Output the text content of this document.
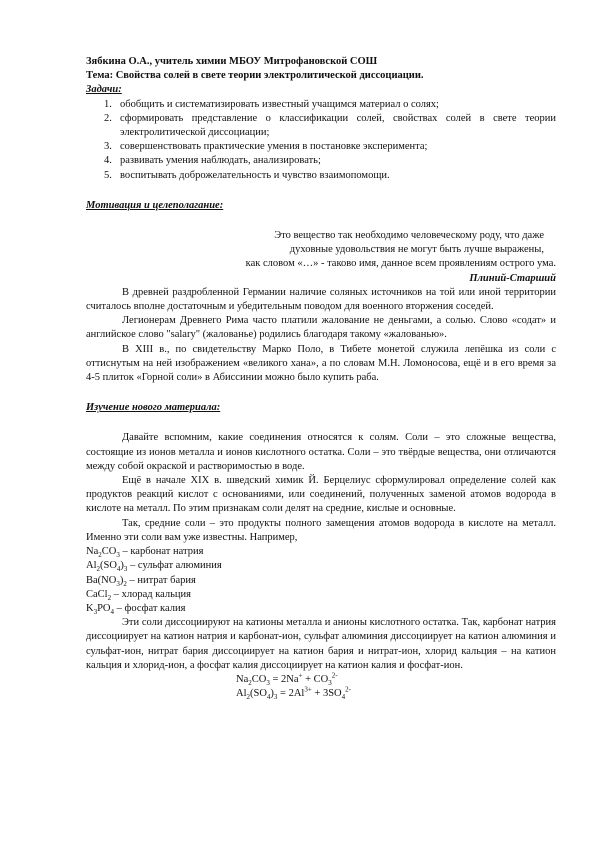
Зябкина О.А., учитель химии МБОУ Митрофановской СОШ
Тема: Свойства солей в свете теории электролитической диссоциации.
Задачи:
1. обобщить и систематизировать известный учащимся материал о солях;
2. сформировать представление о классификации солей, свойствах солей в свете теории электролитической диссоциации;
3. совершенствовать практические умения в постановке эксперимента;
4. развивать умения наблюдать, анализировать;
5. воспитывать доброжелательность и чувство взаимопомощи.
Мотивация и целеполагание:
Это вещество так необходимо человеческому роду, что даже
духовные удовольствия не могут быть лучше выражены,
как словом «…» - таково имя, данное всем проявлениям острого ума.
Плиний-Старший

В древней раздробленной Германии наличие соляных источников на той или иной территории считалось вполне достаточным и убедительным поводом для военного вторжения соседей.

Легионерам Древнего Рима часто платили жалование не деньгами, а солью. Слово «содат» и английское слово "salary" (жалованье) родились благодаря такому «жалованью».

В XIII в., по свидетельству Марко Поло, в Тибете монетой служила лепёшка из соли с оттиснутым на ней изображением «великого хана», а по словам М.Н. Ломоносова, ещё и в его время за 4-5 плиток «Горной соли» в Абиссинии можно было купить раба.

Изучение нового материала:

Давайте вспомним, какие соединения относятся к солям. Соли – это сложные вещества, состоящие из ионов металла и ионов кислотного остатка. Соли – это твёрдые вещества, они отличаются между собой окраской и растворимостью в воде.

Ещё в начале XIX в. шведский химик Й. Берцелиус сформулировал определение солей как продуктов реакций кислот с основаниями, или соединений, полученных заменой атомов водорода в кислоте на металл. По этим признакам соли делят на средние, кислые и основные.

Так, средние соли – это продукты полного замещения атомов водорода в кислоте на металл. Именно эти соли вам уже известны. Например,

$Na_2CO_3$ – карбонат натрия
$Al_2(SO_4)_3$ – сульфат алюминия
$Ba(NO_3)_2$ – нитрат бария
CaCl$_2$ – хлорад кальция
$K_3PO_4$ – фосфат калия

Эти соли диссоциируют на катионы металла и анионы кислотного остатка. Так, карбонат натрия диссоциирует на катион натрия и карбонат-ион, сульфат алюминия диссоциирует на катион алюминия и сульфат-ион, нитрат бария диссоциирует на катион бария и нитрат-ион, хлорид кальция – на катион кальция и хлорид-ион, а фосфат калия диссоциирует на катион калия и фосфат-ион.

$Na_2CO_3 = 2Na^+ + CO_3^{2-}$
$Al_2(SO_4)_3 = 2Al^{3+} + 3SO_4^{2-}$
